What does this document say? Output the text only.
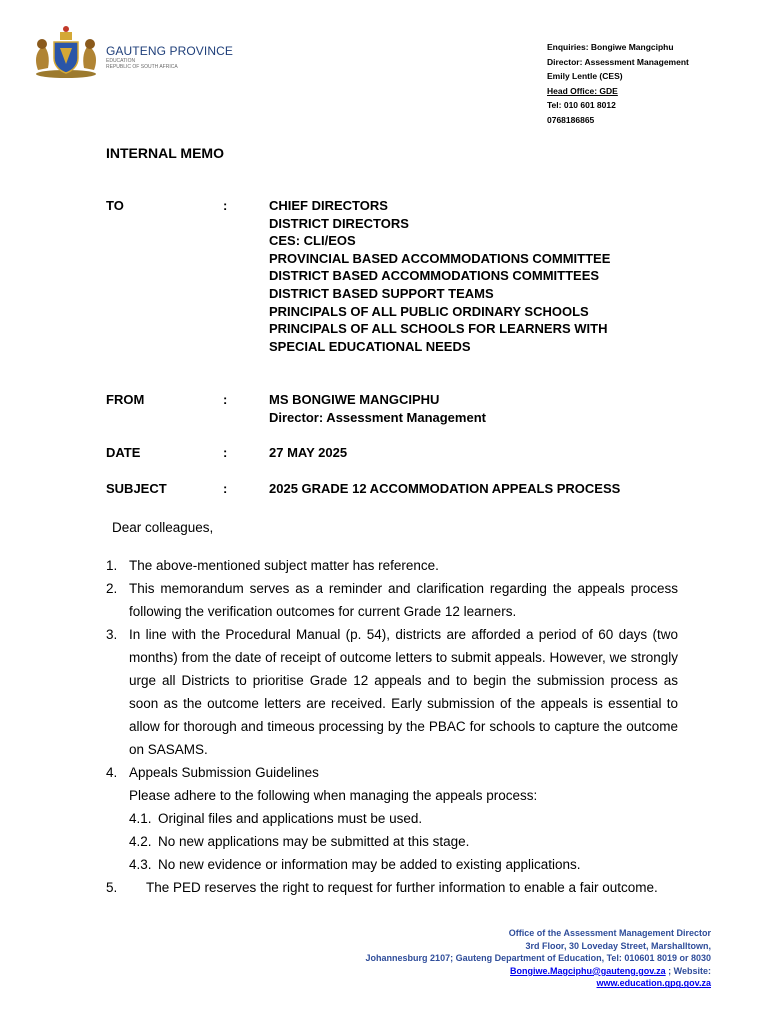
GAUTENG PROVINCE
EDUCATION
REPUBLIC OF SOUTH AFRICA
Enquiries: Bongiwe Mangciphu
Director: Assessment Management
Emily Lentle (CES)
Head Office: GDE
Tel: 010 601 8012
0768186865
INTERNAL MEMO
TO	:	CHIEF DIRECTORS
DISTRICT DIRECTORS
CES: CLI/EOS
PROVINCIAL BASED ACCOMMODATIONS COMMITTEE
DISTRICT BASED ACCOMMODATIONS COMMITTEES
DISTRICT BASED SUPPORT TEAMS
PRINCIPALS OF ALL PUBLIC ORDINARY SCHOOLS
PRINCIPALS OF ALL SCHOOLS FOR LEARNERS WITH
SPECIAL EDUCATIONAL NEEDS
FROM	:	MS BONGIWE MANGCIPHU
Director: Assessment Management
DATE	:	27 MAY 2025
SUBJECT	:	2025 GRADE 12 ACCOMMODATION APPEALS PROCESS
Dear colleagues,
1. The above-mentioned subject matter has reference.
2. This memorandum serves as a reminder and clarification regarding the appeals process following the verification outcomes for current Grade 12 learners.
3. In line with the Procedural Manual (p. 54), districts are afforded a period of 60 days (two months) from the date of receipt of outcome letters to submit appeals. However, we strongly urge all Districts to prioritise Grade 12 appeals and to begin the submission process as soon as the outcome letters are received. Early submission of the appeals is essential to allow for thorough and timeous processing by the PBAC for schools to capture the outcome on SASAMS.
4. Appeals Submission Guidelines
Please adhere to the following when managing the appeals process:
4.1. Original files and applications must be used.
4.2. No new applications may be submitted at this stage.
4.3. No new evidence or information may be added to existing applications.
5.	The PED reserves the right to request for further information to enable a fair outcome.
Office of the Assessment Management Director
3rd Floor, 30 Loveday Street, Marshalltown,
Johannesburg 2107; Gauteng Department of Education, Tel: 010601 8019 or 8030
Bongiwe.Magciphu@gauteng.gov.za ; Website:
www.education.gpg.gov.za
